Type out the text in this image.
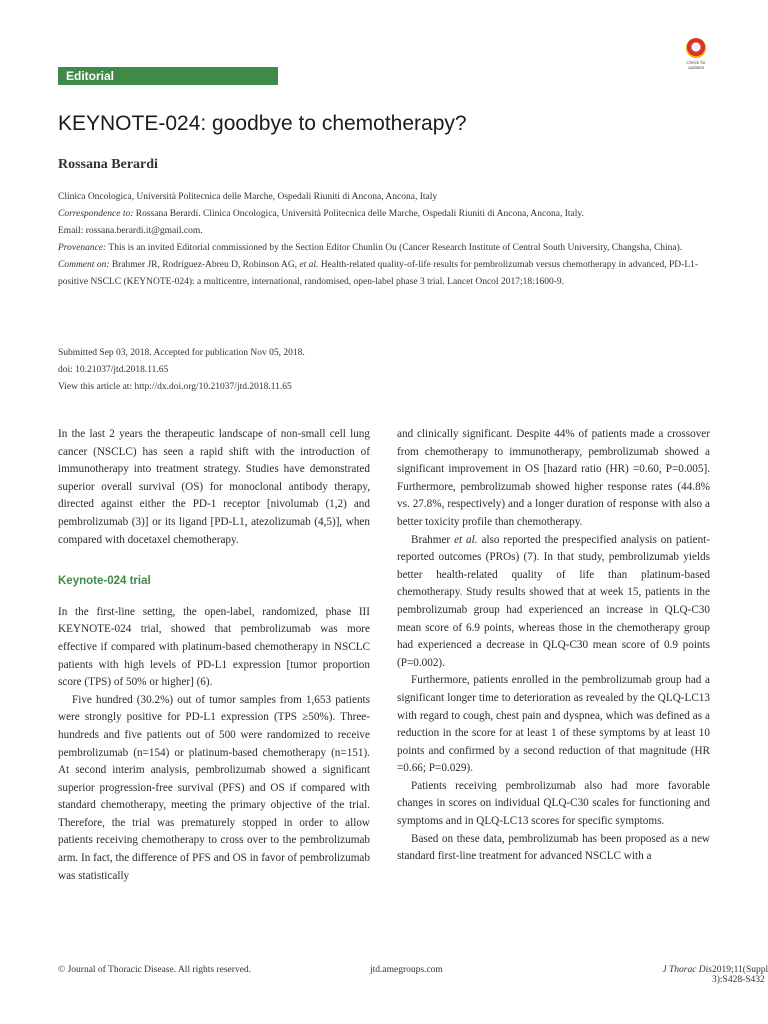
Editorial
Check for updates
KEYNOTE-024: goodbye to chemotherapy?
Rossana Berardi

Clinica Oncologica, Università Politecnica delle Marche, Ospedali Riuniti di Ancona, Ancona, Italy

Correspondence to: Rossana Berardi. Clinica Oncologica, Università Politecnica delle Marche, Ospedali Riuniti di Ancona, Ancona, Italy.

Email: rossana.berardi.it@gmail.com.

Provenance: This is an invited Editorial commissioned by the Section Editor Chunlin Ou (Cancer Research Institute of Central South University, Changsha, China).

Comment on: Brahmer JR, Rodríguez-Abreu D, Robinson AG, et al. Health-related quality-of-life results for pembrolizumab versus chemotherapy in advanced, PD-L1-positive NSCLC (KEYNOTE-024): a multicentre, international, randomised, open-label phase 3 trial. Lancet Oncol 2017;18:1600-9.

Submitted Sep 03, 2018. Accepted for publication Nov 05, 2018.

doi: 10.21037/jtd.2018.11.65

View this article at: http://dx.doi.org/10.21037/jtd.2018.11.65

In the last 2 years the therapeutic landscape of non-small cell lung cancer (NSCLC) has seen a rapid shift with the introduction of immunotherapy into treatment strategy. Studies have demonstrated superior overall survival (OS) for monoclonal antibody therapy, directed against either the PD-1 receptor [nivolumab (1,2) and pembrolizumab (3)] or its ligand [PD-L1, atezolizumab (4,5)], when compared with docetaxel chemotherapy.

Keynote-024 trial

In the first-line setting, the open-label, randomized, phase III KEYNOTE-024 trial, showed that pembrolizumab was more effective if compared with platinum-based chemotherapy in NSCLC patients with high levels of PD-L1 expression [tumor proportion score (TPS) of 50% or higher] (6).

Five hundred (30.2%) out of tumor samples from 1,653 patients were strongly positive for PD-L1 expression (TPS ≥50%). Three-hundreds and five patients out of 500 were randomized to receive pembrolizumab (n=154) or platinum-based chemotherapy (n=151). At second interim analysis, pembrolizumab showed a significant superior progression-free survival (PFS) and OS if compared with standard chemotherapy, meeting the primary objective of the trial. Therefore, the trial was prematurely stopped in order to allow patients receiving chemotherapy to cross over to the pembrolizumab arm. In fact, the difference of PFS and OS in favor of pembrolizumab was statistically

and clinically significant. Despite 44% of patients made a crossover from chemotherapy to immunotherapy, pembrolizumab showed a significant improvement in OS [hazard ratio (HR) =0.60, P=0.005]. Furthermore, pembrolizumab showed higher response rates (44.8% vs. 27.8%, respectively) and a longer duration of response with also a better toxicity profile than chemotherapy.

Brahmer et al. also reported the prespecified analysis on patient-reported outcomes (PROs) (7). In that study, pembrolizumab yields better health-related quality of life than platinum-based chemotherapy. Study results showed that at week 15, patients in the pembrolizumab group had experienced an increase in QLQ-C30 mean score of 6.9 points, whereas those in the chemotherapy group had experienced a decrease in QLQ-C30 mean score of 0.9 points (P=0.002).

Furthermore, patients enrolled in the pembrolizumab group had a significant longer time to deterioration as revealed by the QLQ-LC13 with regard to cough, chest pain and dyspnea, which was defined as a reduction in the score for at least 1 of these symptoms by at least 10 points and confirmed by a second reduction of that magnitude (HR =0.66; P=0.029).

Patients receiving pembrolizumab also had more favorable changes in scores on individual QLQ-C30 scales for functioning and symptoms and in QLQ-LC13 scores for specific symptoms.

Based on these data, pembrolizumab has been proposed as a new standard first-line treatment for advanced NSCLC with a

© Journal of Thoracic Disease. All rights reserved.	jtd.amegroups.com	J Thorac Dis 2019;11(Suppl 3):S428-S432
